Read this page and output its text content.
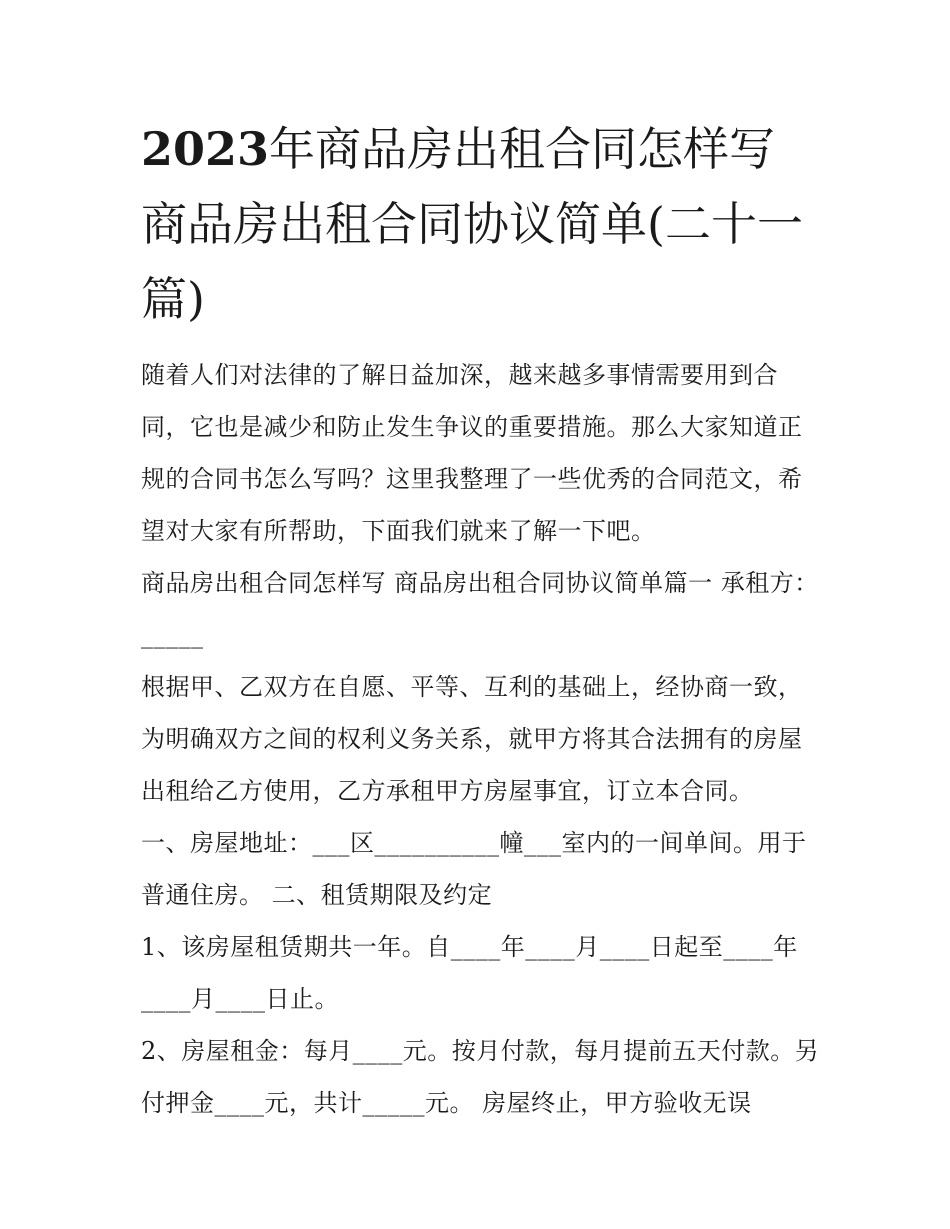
2023年商品房出租合同怎样写商品房出租合同协议简单(二十一篇)

随着人们对法律的了解日益加深，越来越多事情需要用到合同，它也是减少和防止发生争议的重要措施。那么大家知道正规的合同书怎么写吗？这里我整理了一些优秀的合同范文，希望对大家有所帮助，下面我们就来了解一下吧。

商品房出租合同怎样写 商品房出租合同协议简单篇一 承租方：_____

根据甲、乙双方在自愿、平等、互利的基础上，经协商一致，为明确双方之间的权利义务关系，就甲方将其合法拥有的房屋出租给乙方使用，乙方承租甲方房屋事宜，订立本合同。

一、房屋地址：___区__________幢___室内的一间单间。用于普通住房。 二、租赁期限及约定

1、该房屋租赁期共一年。自____年____月____日起至____年____月____日止。

2、房屋租金：每月____元。按月付款，每月提前五天付款。另付押金____元，共计_____元。 房屋终止，甲方验收无误
